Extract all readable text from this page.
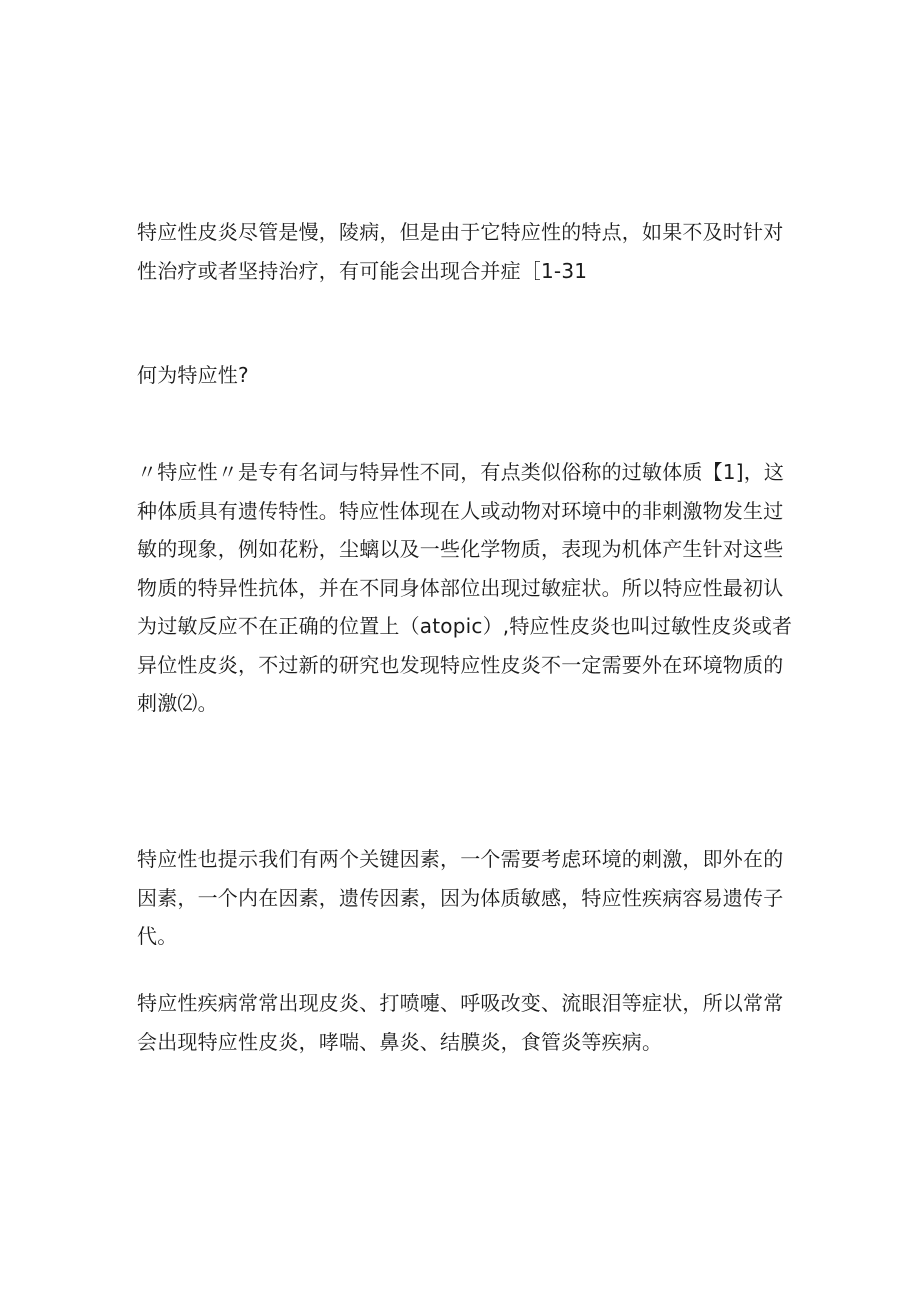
特应性皮炎尽管是慢，陵病，但是由于它特应性的特点，如果不及时针对
性治疗或者坚持治疗，有可能会出现合并症［1-31

何为特应性?

〃特应性〃是专有名词与特异性不同，有点类似俗称的过敏体质【1]，这
种体质具有遗传特性。特应性体现在人或动物对环境中的非刺激物发生过
敏的现象，例如花粉，尘螭以及一些化学物质，表现为机体产生针对这些
物质的特异性抗体，并在不同身体部位出现过敏症状。所以特应性最初认
为过敏反应不在正确的位置上（atopic）,特应性皮炎也叫过敏性皮炎或者
异位性皮炎，不过新的研究也发现特应性皮炎不一定需要外在环境物质的
刺激⑵。

特应性也提示我们有两个关键因素，一个需要考虑环境的刺激，即外在的
因素，一个内在因素，遗传因素，因为体质敏感，特应性疾病容易遗传子
代。

特应性疾病常常出现皮炎、打喷嚏、呼吸改变、流眼泪等症状，所以常常
会出现特应性皮炎，哮喘、鼻炎、结膜炎，食管炎等疾病。
